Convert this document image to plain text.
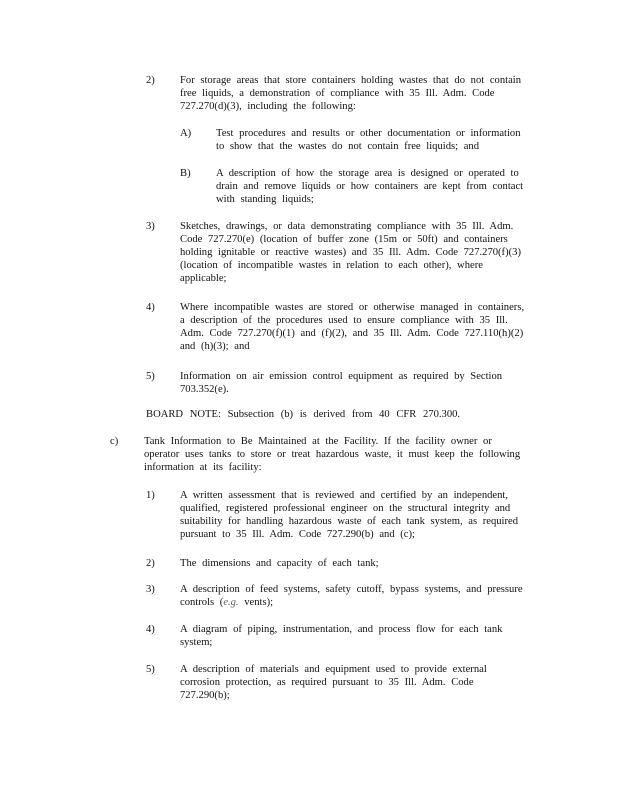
2) For storage areas that store containers holding wastes that do not contain free liquids, a demonstration of compliance with 35 Ill. Adm. Code 727.270(d)(3), including the following:
A) Test procedures and results or other documentation or information to show that the wastes do not contain free liquids; and
B) A description of how the storage area is designed or operated to drain and remove liquids or how containers are kept from contact with standing liquids;
3) Sketches, drawings, or data demonstrating compliance with 35 Ill. Adm. Code 727.270(e) (location of buffer zone (15m or 50ft) and containers holding ignitable or reactive wastes) and 35 Ill. Adm. Code 727.270(f)(3) (location of incompatible wastes in relation to each other), where applicable;
4) Where incompatible wastes are stored or otherwise managed in containers, a description of the procedures used to ensure compliance with 35 Ill. Adm. Code 727.270(f)(1) and (f)(2), and 35 Ill. Adm. Code 727.110(h)(2) and (h)(3); and
5) Information on air emission control equipment as required by Section 703.352(e).
BOARD NOTE: Subsection (b) is derived from 40 CFR 270.300.
c) Tank Information to Be Maintained at the Facility. If the facility owner or operator uses tanks to store or treat hazardous waste, it must keep the following information at its facility:
1) A written assessment that is reviewed and certified by an independent, qualified, registered professional engineer on the structural integrity and suitability for handling hazardous waste of each tank system, as required pursuant to 35 Ill. Adm. Code 727.290(b) and (c);
2) The dimensions and capacity of each tank;
3) A description of feed systems, safety cutoff, bypass systems, and pressure controls (e.g. vents);
4) A diagram of piping, instrumentation, and process flow for each tank system;
5) A description of materials and equipment used to provide external corrosion protection, as required pursuant to 35 Ill. Adm. Code 727.290(b);
